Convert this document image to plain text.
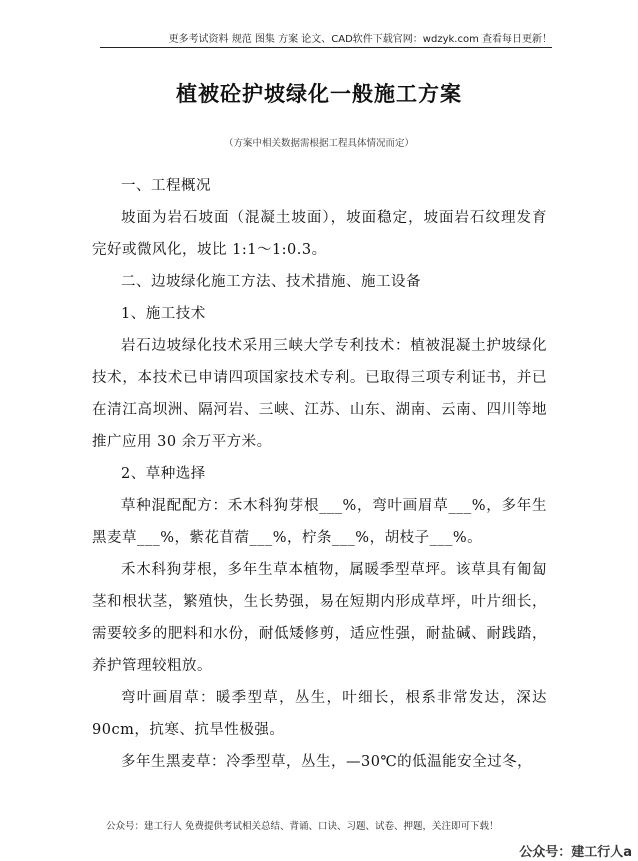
更多考试资料 规范 图集 方案 论文、CAD软件下载官网：wdzyk.com 查看每日更新！
植被砼护坡绿化一般施工方案
（方案中相关数据需根据工程具体情况而定）

一、工程概况

坡面为岩石坡面（混凝土坡面），坡面稳定，坡面岩石纹理发育完好或微风化，坡比 1:1～1:0.3。

二、边坡绿化施工方法、技术措施、施工设备

1、施工技术

岩石边坡绿化技术采用三峡大学专利技术：植被混凝土护坡绿化技术，本技术已申请四项国家技术专利。已取得三项专利证书，并已在清江高坝洲、隔河岩、三峡、江苏、山东、湖南、云南、四川等地推广应用 30 余万平方米。

2、草种选择

草种混配配方：禾木科狗芽根___%，弯叶画眉草___%，多年生黑麦草___%，紫花苜蓿___%，柠条___%，胡枝子___%。

禾木科狗芽根，多年生草本植物，属暖季型草坪。该草具有匍匐茎和根状茎，繁殖快，生长势强，易在短期内形成草坪，叶片细长，需要较多的肥料和水份，耐低矮修剪，适应性强，耐盐碱、耐践踏，养护管理较粗放。

弯叶画眉草：暖季型草，丛生，叶细长，根系非常发达，深达 90cm，抗寒、抗旱性极强。

多年生黑麦草：冷季型草，丛生，—30℃的低温能安全过冬，

公众号：建工行人 免费提供考试相关总结、背诵、口诀、习题、试卷、押题，关注即可下载！
公众号：建工行人a
